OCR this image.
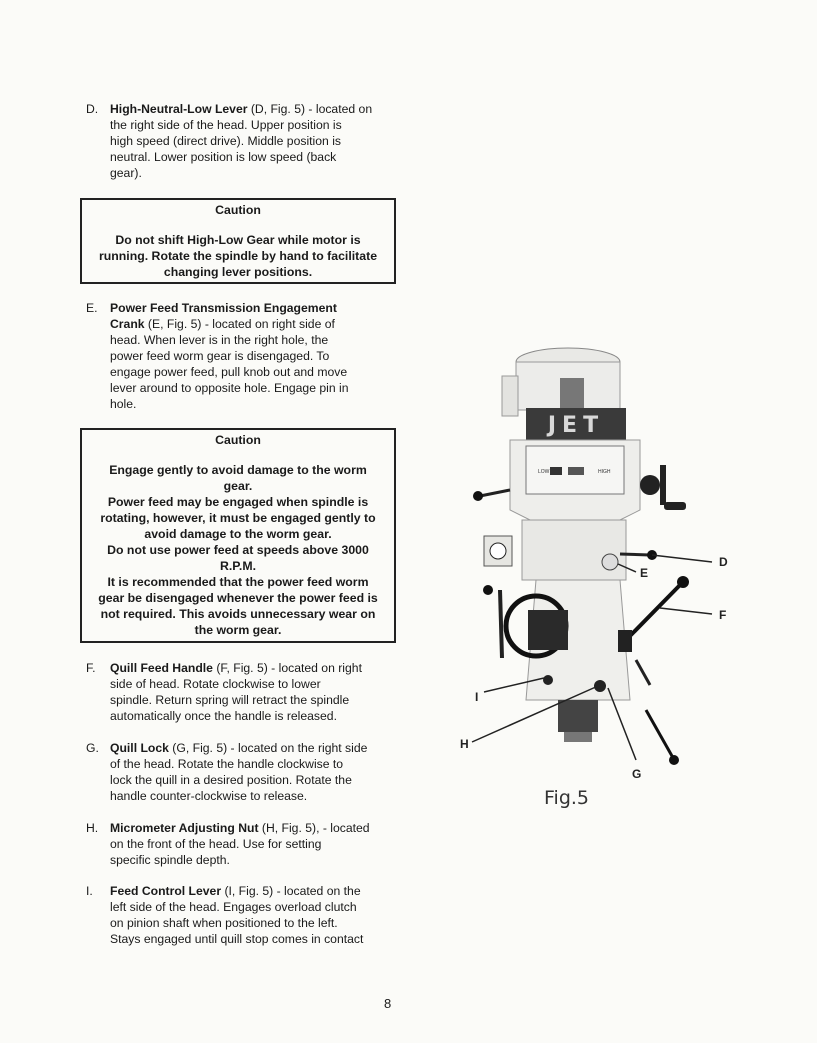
D. High-Neutral-Low Lever (D, Fig. 5) - located on
the right side of the head. Upper position is
high speed (direct drive). Middle position is
neutral. Lower position is low speed (back
gear).
Caution
Do not shift High-Low Gear while motor is
running. Rotate the spindle by hand to facilitate
changing lever positions.
E. Power Feed Transmission Engagement
Crank (E, Fig. 5) - located on right side of
head. When lever is in the right hole, the
power feed worm gear is disengaged. To
engage power feed, pull knob out and move
lever around to opposite hole. Engage pin in
hole.
Caution
Engage gently to avoid damage to the worm
gear.
Power feed may be engaged when spindle is
rotating, however, it must be engaged gently to
avoid damage to the worm gear.
Do not use power feed at speeds above 3000
R.P.M.
It is recommended that the power feed worm
gear be disengaged whenever the power feed is
not required. This avoids unnecessary wear on
the worm gear.
F. Quill Feed Handle (F, Fig. 5) - located on right
side of head. Rotate clockwise to lower
spindle. Return spring will retract the spindle
automatically once the handle is released.
G. Quill Lock (G, Fig. 5) - located on the right side
of the head. Rotate the handle clockwise to
lock the quill in a desired position. Rotate the
handle counter-clockwise to release.
H. Micrometer Adjusting Nut (H, Fig. 5), - located
on the front of the head. Use for setting
specific spindle depth.
I. Feed Control Lever (I, Fig. 5) - located on the
left side of the head. Engages overload clutch
on pinion shaft when positioned to the left.
Stays engaged until quill stop comes in contact
JET
LOW	HIGH
D
E
F
I
H
G
Fig.5
8
